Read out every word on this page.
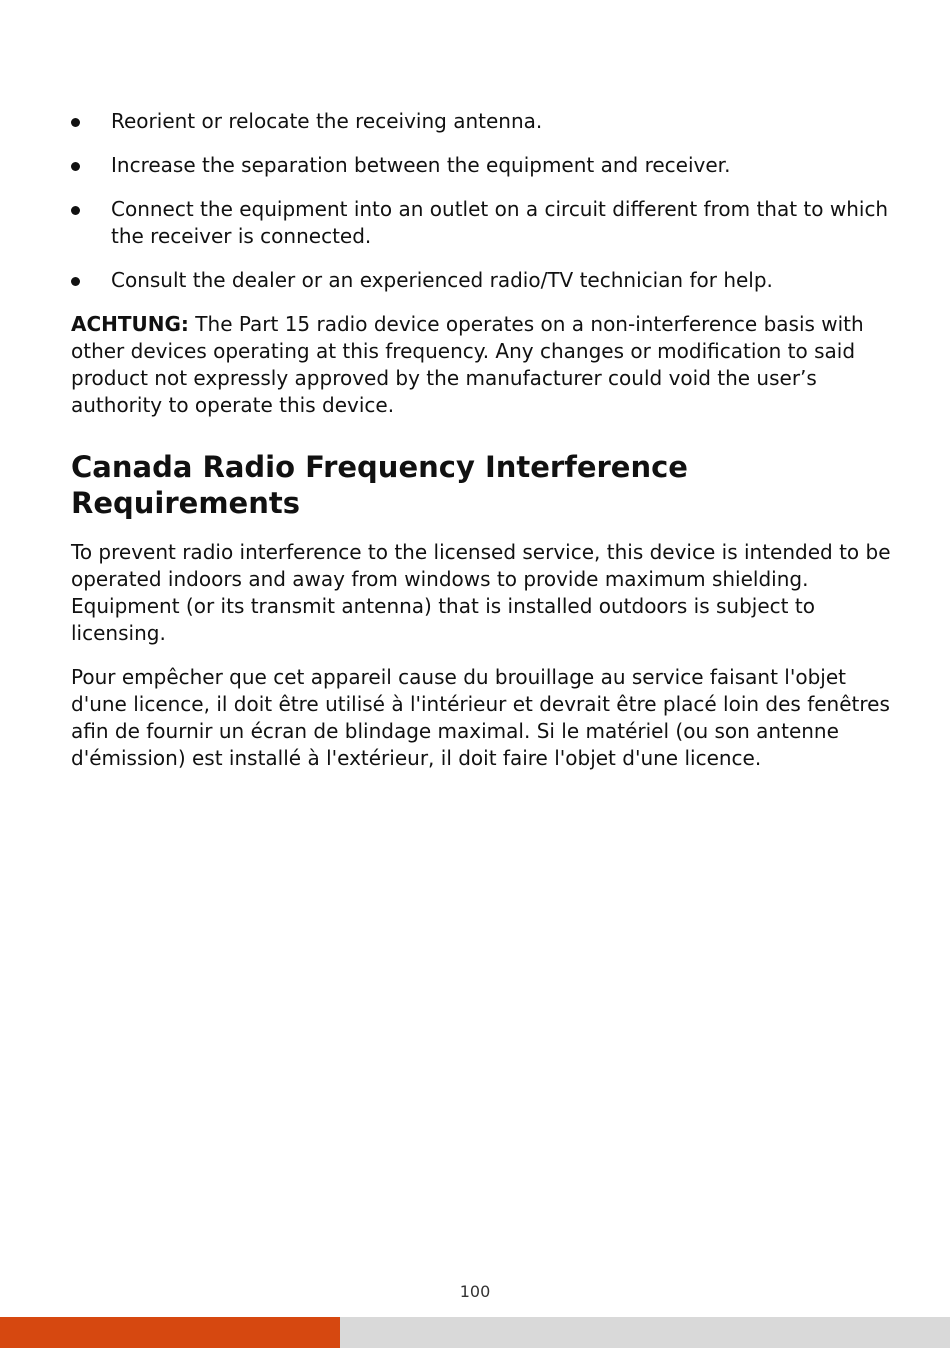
Reorient or relocate the receiving antenna.
Increase the separation between the equipment and receiver.
Connect the equipment into an outlet on a circuit different from that to which the receiver is connected.
Consult the dealer or an experienced radio/TV technician for help.

ACHTUNG: The Part 15 radio device operates on a non-interference basis with other devices operating at this frequency. Any changes or modification to said product not expressly approved by the manufacturer could void the user’s authority to operate this device.

Canada Radio Frequency Interference Requirements

To prevent radio interference to the licensed service, this device is intended to be operated indoors and away from windows to provide maximum shielding. Equipment (or its transmit antenna) that is installed outdoors is subject to licensing.

Pour empêcher que cet appareil cause du brouillage au service faisant l'objet d'une licence, il doit être utilisé à l'intérieur et devrait être placé loin des fenêtres afin de fournir un écran de blindage maximal. Si le matériel (ou son antenne d'émission) est installé à l'extérieur, il doit faire l'objet d'une licence.

100
